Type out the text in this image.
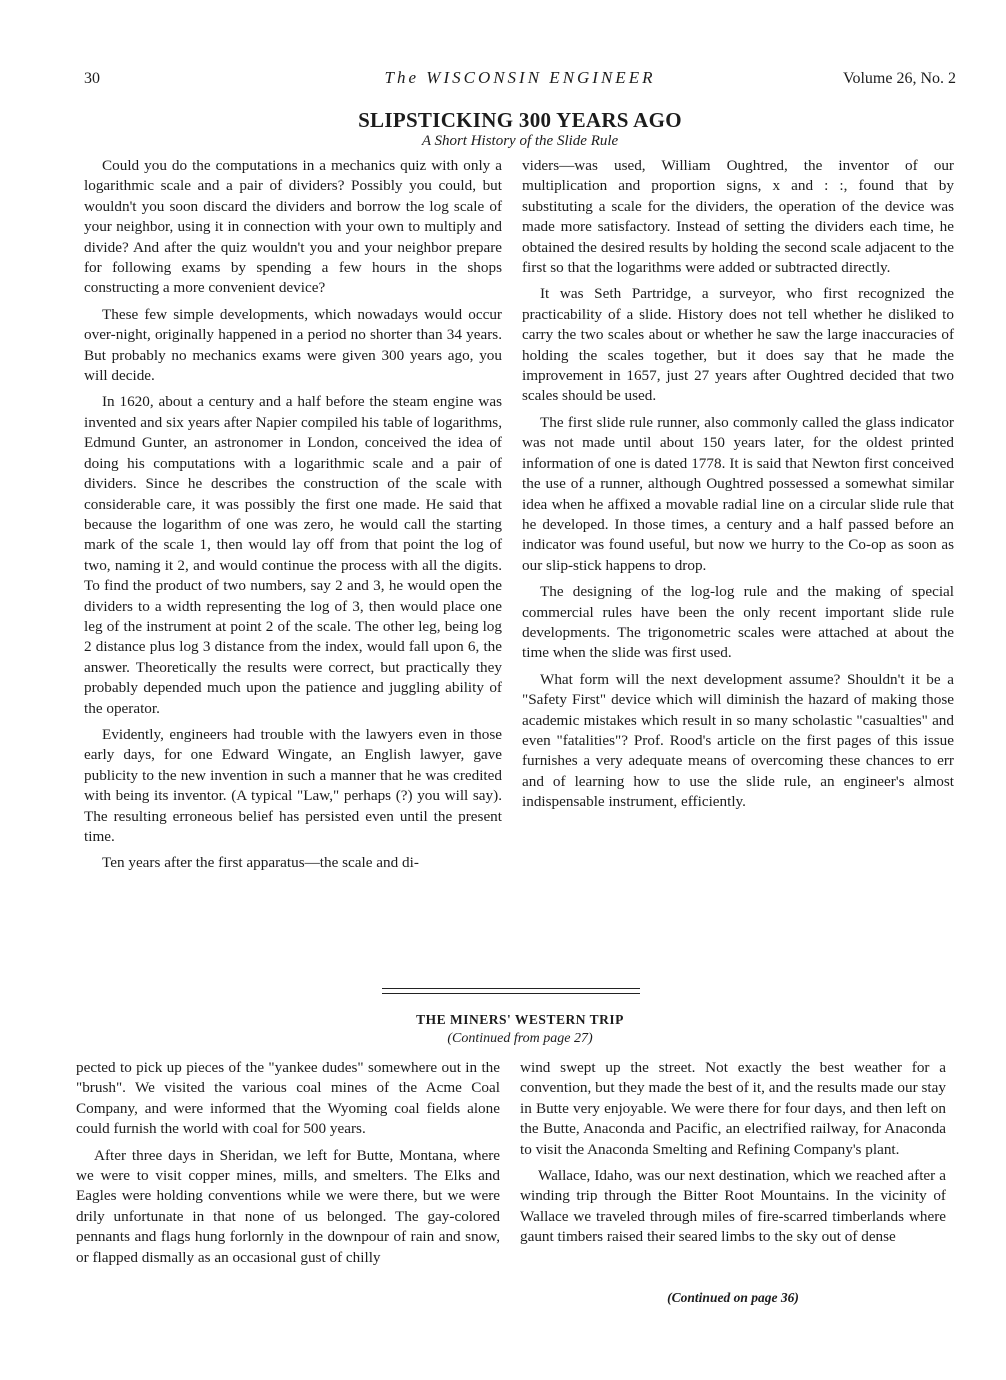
30	The WISCONSIN ENGINEER	Volume 26, No. 2
SLIPSTICKING 300 YEARS AGO
A Short History of the Slide Rule

Could you do the computations in a mechanics quiz with only a logarithmic scale and a pair of dividers? Possibly you could, but wouldn't you soon discard the dividers and borrow the log scale of your neighbor, using it in connection with your own to multiply and divide? And after the quiz wouldn't you and your neighbor prepare for following exams by spending a few hours in the shops constructing a more convenient device?

These few simple developments, which nowadays would occur over-night, originally happened in a period no shorter than 34 years. But probably no mechanics exams were given 300 years ago, you will decide.

In 1620, about a century and a half before the steam engine was invented and six years after Napier compiled his table of logarithms, Edmund Gunter, an astronomer in London, conceived the idea of doing his computations with a logarithmic scale and a pair of dividers. Since he describes the construction of the scale with considerable care, it was possibly the first one made. He said that because the logarithm of one was zero, he would call the starting mark of the scale 1, then would lay off from that point the log of two, naming it 2, and would continue the process with all the digits. To find the product of two numbers, say 2 and 3, he would open the dividers to a width representing the log of 3, then would place one leg of the instrument at point 2 of the scale. The other leg, being log 2 distance plus log 3 distance from the index, would fall upon 6, the answer. Theoretically the results were correct, but practically they probably depended much upon the patience and juggling ability of the operator.

Evidently, engineers had trouble with the lawyers even in those early days, for one Edward Wingate, an English lawyer, gave publicity to the new invention in such a manner that he was credited with being its inventor. (A typical "Law," perhaps (?) you will say). The resulting erroneous belief has persisted even until the present time.

Ten years after the first apparatus—the scale and di-

viders—was used, William Oughtred, the inventor of our multiplication and proportion signs, x and : :, found that by substituting a scale for the dividers, the operation of the device was made more satisfactory. Instead of setting the dividers each time, he obtained the desired results by holding the second scale adjacent to the first so that the logarithms were added or subtracted directly.

It was Seth Partridge, a surveyor, who first recognized the practicability of a slide. History does not tell whether he disliked to carry the two scales about or whether he saw the large inaccuracies of holding the scales together, but it does say that he made the improvement in 1657, just 27 years after Oughtred decided that two scales should be used.

The first slide rule runner, also commonly called the glass indicator was not made until about 150 years later, for the oldest printed information of one is dated 1778. It is said that Newton first conceived the use of a runner, although Oughtred possessed a somewhat similar idea when he affixed a movable radial line on a circular slide rule that he developed. In those times, a century and a half passed before an indicator was found useful, but now we hurry to the Co-op as soon as our slip-stick happens to drop.

The designing of the log-log rule and the making of special commercial rules have been the only recent important slide rule developments. The trigonometric scales were attached at about the time when the slide was first used.

What form will the next development assume? Shouldn't it be a "Safety First" device which will diminish the hazard of making those academic mistakes which result in so many scholastic "casualties" and even "fatalities"? Prof. Rood's article on the first pages of this issue furnishes a very adequate means of overcoming these chances to err and of learning how to use the slide rule, an engineer's almost indispensable instrument, efficiently.

THE MINERS' WESTERN TRIP
(Continued from page 27)

pected to pick up pieces of the "yankee dudes" somewhere out in the "brush". We visited the various coal mines of the Acme Coal Company, and were informed that the Wyoming coal fields alone could furnish the world with coal for 500 years.

After three days in Sheridan, we left for Butte, Montana, where we were to visit copper mines, mills, and smelters. The Elks and Eagles were holding conventions while we were there, but we were drily unfortunate in that none of us belonged. The gay-colored pennants and flags hung forlornly in the downpour of rain and snow, or flapped dismally as an occasional gust of chilly

wind swept up the street. Not exactly the best weather for a convention, but they made the best of it, and the results made our stay in Butte very enjoyable. We were there for four days, and then left on the Butte, Anaconda and Pacific, an electrified railway, for Anaconda to visit the Anaconda Smelting and Refining Company's plant.

Wallace, Idaho, was our next destination, which we reached after a winding trip through the Bitter Root Mountains. In the vicinity of Wallace we traveled through miles of fire-scarred timberlands where gaunt timbers raised their seared limbs to the sky out of dense

(Continued on page 36)
